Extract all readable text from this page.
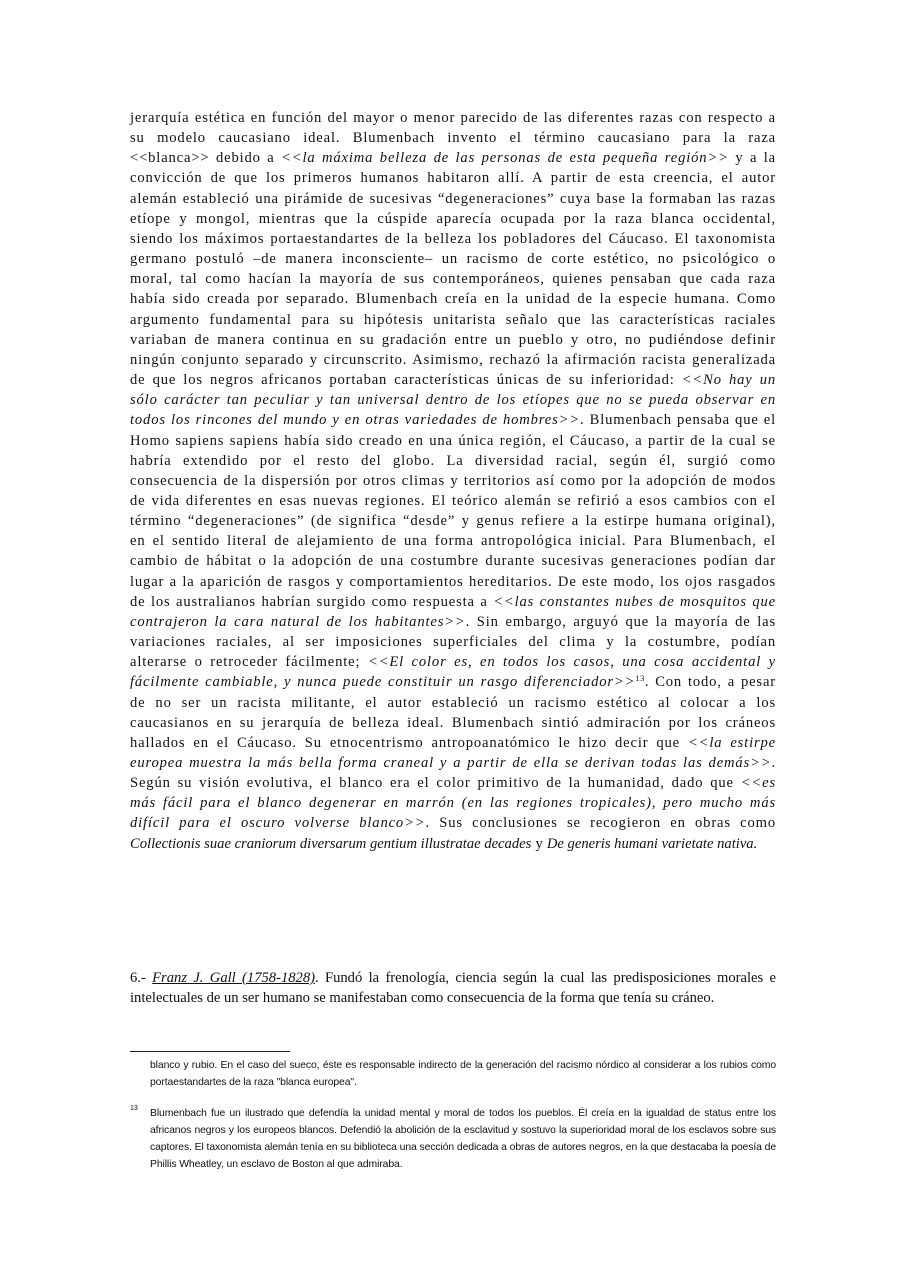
jerarquía estética en función del mayor o menor parecido de las diferentes razas con respecto a su modelo caucasiano ideal. Blumenbach invento el término caucasiano para la raza <<blanca>> debido a <<la máxima belleza de las personas de esta pequeña región>> y a la convicción de que los primeros humanos habitaron allí. A partir de esta creencia, el autor alemán estableció una pirámide de sucesivas “degeneraciones” cuya base la formaban las razas etíope y mongol, mientras que la cúspide aparecía ocupada por la raza blanca occidental, siendo los máximos portaestandartes de la belleza los pobladores del Cáucaso. El taxonomista germano postuló –de manera inconsciente– un racismo de corte estético, no psicológico o moral, tal como hacían la mayoría de sus contemporáneos, quienes pensaban que cada raza había sido creada por separado. Blumenbach creía en la unidad de la especie humana. Como argumento fundamental para su hipótesis unitarista señalo que las características raciales variaban de manera continua en su gradación entre un pueblo y otro, no pudiéndose definir ningún conjunto separado y circunscrito. Asimismo, rechazó la afirmación racista generalizada de que los negros africanos portaban características únicas de su inferioridad: <<No hay un sólo carácter tan peculiar y tan universal dentro de los etíopes que no se pueda observar en todos los rincones del mundo y en otras variedades de hombres>>. Blumenbach pensaba que el Homo sapiens sapiens había sido creado en una única región, el Cáucaso, a partir de la cual se habría extendido por el resto del globo. La diversidad racial, según él, surgió como consecuencia de la dispersión por otros climas y territorios así como por la adopción de modos de vida diferentes en esas nuevas regiones. El teórico alemán se refirió a esos cambios con el término “degeneraciones” (de significa “desde” y genus refiere a la estirpe humana original), en el sentido literal de alejamiento de una forma antropológica inicial. Para Blumenbach, el cambio de hábitat o la adopción de una costumbre durante sucesivas generaciones podían dar lugar a la aparición de rasgos y comportamientos hereditarios. De este modo, los ojos rasgados de los australianos habrían surgido como respuesta a <<las constantes nubes de mosquitos que contrajeron la cara natural de los habitantes>>. Sin embargo, arguyó que la mayoría de las variaciones raciales, al ser imposiciones superficiales del clima y la costumbre, podían alterarse o retroceder fácilmente; <<El color es, en todos los casos, una cosa accidental y fácilmente cambiable, y nunca puede constituir un rasgo diferenciador>>$^{13}$. Con todo, a pesar de no ser un racista militante, el autor estableció un racismo estético al colocar a los caucasianos en su jerarquía de belleza ideal. Blumenbach sintió admiración por los cráneos hallados en el Cáucaso. Su etnocentrismo antropoanatómico le hizo decir que <<la estirpe europea muestra la más bella forma craneal y a partir de ella se derivan todas las demás>>. Según su visión evolutiva, el blanco era el color primitivo de la humanidad, dado que <<es más fácil para el blanco degenerar en marrón (en las regiones tropicales), pero mucho más difícil para el oscuro volverse blanco>>. Sus conclusiones se recogieron en obras como Collectionis suae craniorum diversarum gentium illustratae decades y De generis humani varietate nativa.

6.- Franz J. Gall (1758-1828). Fundó la frenología, ciencia según la cual las predisposiciones morales e intelectuales de un ser humano se manifestaban como consecuencia de la forma que tenía su cráneo.

blanco y rubio. En el caso del sueco, éste es responsable indirecto de la generación del racismo nórdico al considerar a los rubios como portaestandartes de la raza "blanca europea".

13 Blumenbach fue un ilustrado que defendía la unidad mental y moral de todos los pueblos. Él creía en la igualdad de status entre los africanos negros y los europeos blancos. Defendió la abolición de la esclavitud y sostuvo la superioridad moral de los esclavos sobre sus captores. El taxonomista alemán tenía en su biblioteca una sección dedicada a obras de autores negros, en la que destacaba la poesía de Phillis Wheatley, un esclavo de Boston al que admiraba.
